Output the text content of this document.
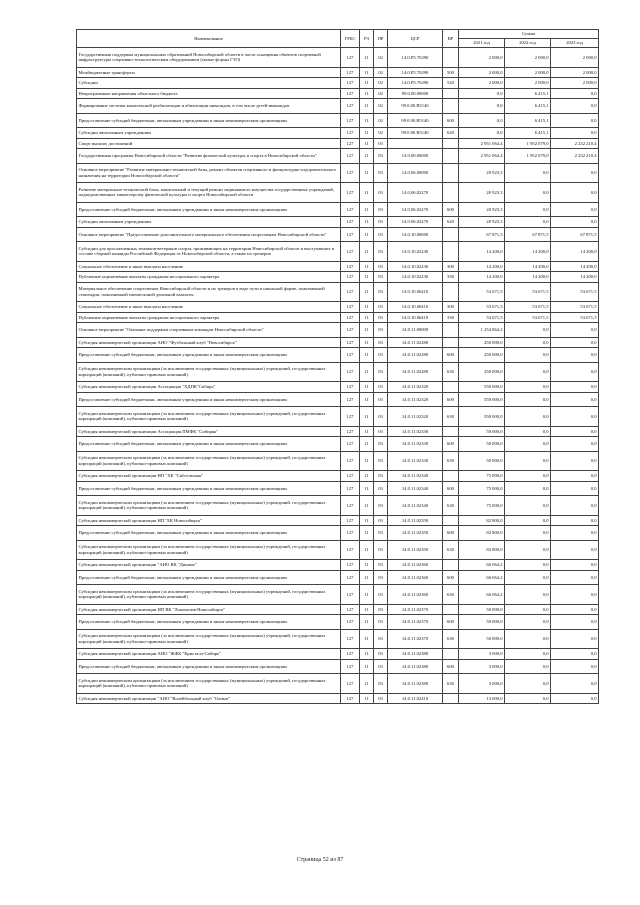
Наименование	ГРБС	РЗ	ПР	ЦСР	ВР	Сумма		
						2021 год	2022 год	2023 год
Государственная поддержка муниципальных образований Новосибирской области в части оснащения объектов спортивной инфраструктуры спортивно-технологическим оборудованием (малые формы ГТО)	127	11	02	14.0.P5.70290		2 000,0	2 000,0	2 000,0
Межбюджетные трансферты	127	11	02	14.0.P5.70290	500	2 000,0	2 000,0	2 000,0
Субсидии	127	11	02	14.0.P5.70290	520	2 000,0	2 000,0	2 000,0
Непрограммные направления областного бюджета	127	11	02	99.0.00.00000		0,0	6 415,1	0,0
Формирование системы комплексной реабилитации и абилитации инвалидов, в том числе детей-инвалидов	127	11	02	99.0.00.R5140		0,0	6 415,1	0,0
Предоставление субсидий бюджетным, автономным учреждениям и иным некоммерческим организациям	127	11	02	99.0.00.R5140	600	0,0	6 415,1	0,0
Субсидии автономным учреждениям	127	11	02	99.0.00.R5140	620	0,0	6 415,1	0,0
Спорт высших достижений	127	11	03			2 951 064,4	1 952 079,0	2 232 210,4
Государственная программа Новосибирской области "Развитие физической культуры и спорта в Новосибирской области"	127	11	03	14.0.00.00000		2 951 064,4	1 952 079,0	2 232 210,4
Основное мероприятие "Развитие материально-технической базы, ремонт объектов спортивного и физкультурно-оздоровительного назначения на территории Новосибирской области"	127	11	03	14.0.06.00000		20 923,3	0,0	0,0
Развитие материально-технической базы, капитальный и текущий ремонт недвижимого имущества государственных учреждений, подведомственных министерству физической культуры и спорта Новосибирской области	127	11	03	14.0.06.02270		20 923,3	0,0	0,0
Предоставление субсидий бюджетным, автономным учреждениям и иным некоммерческим организациям	127	11	03	14.0.06.02270	600	20 923,3	0,0	0,0
Субсидии автономным учреждениям	127	11	03	14.0.06.02270	620	20 923,3	0,0	0,0
Основное мероприятие "Предоставление дополнительного материального обеспечения спортсменам Новосибирской области"	127	11	03	14.0.10.00000		67 871,5	67 871,5	67 871,5
Субсидии для прославленных земляков-ветеранов спорта, проживающих на территории Новосибирской области и выступавших в составе сборной команды Российской Федерации от Новосибирской области, а также их тренеров	127	11	03	14.0.10.02230		14 200,0	14 200,0	14 200,0
Социальное обеспечение и иные выплаты населению	127	11	03	14.0.10.02230	300	14 200,0	14 200,0	14 200,0
Публичные нормативные выплаты гражданам несоциального характера	127	11	03	14.0.10.02230	330	14 200,0	14 200,0	14 200,0
Материальное обеспечение спортсменов Новосибирской области и их тренеров в виде пути в школьной форме, пожизненной стипендии, пожизненной ежемесячной денежной выплаты	127	11	03	14.0.10.06410		53 671,5	53 671,5	53 671,5
Социальное обеспечение и иные выплаты населению	127	11	03	14.0.10.06410	300	53 671,5	53 671,5	53 671,5
Публичные нормативные выплаты гражданам несоциального характера	127	11	03	14.0.10.06410	330	53 671,5	53 671,5	53 671,5
Основное мероприятие "Оказание поддержки спортивным командам Новосибирской области"	127	11	03	14.0.11.00000		1 254 864,2	0,0	0,0
Субсидия некоммерческой организации АНО "Футбольный клуб "Новосибирск"	127	11	03	14.0.11.02280		250 000,0	0,0	0,0
Предоставление субсидий бюджетным, автономным учреждениям и иным некоммерческим организациям	127	11	03	14.0.11.02280	600	250 000,0	0,0	0,0
Субсидии некоммерческим организациям (за исключением государственных (муниципальных) учреждений, государственных корпораций (компаний), публично-правовых компаний)	127	11	03	14.0.11.02280	630	250 000,0	0,0	0,0
Субсидия некоммерческой организации Ассоциация "ХДПК"Сибирь"	127	11	03	14.0.11.02320		550 000,0	0,0	0,0
Предоставление субсидий бюджетным, автономным учреждениям и иным некоммерческим организациям	127	11	03	14.0.11.02320	600	550 000,0	0,0	0,0
Субсидии некоммерческим организациям (за исключением государственных (муниципальных) учреждений, государственных корпораций (компаний), публично-правовых компаний)	127	11	03	14.0.11.02320	630	550 000,0	0,0	0,0
Субсидия некоммерческой организации Ассоциация ПМФК "Сибиряк"	127	11	03	14.0.11.02330		50 000,0	0,0	0,0
Предоставление субсидий бюджетным, автономным учреждениям и иным некоммерческим организациям	127	11	03	14.0.11.02330	600	50 000,0	0,0	0,0
Субсидии некоммерческим организациям (за исключением государственных (муниципальных) учреждений, государственных корпораций (компаний), публично-правовых компаний)	127	11	03	14.0.11.02330	630	50 000,0	0,0	0,0
Субсидия некоммерческой организации НП "ХК "Сибсельмаш"	127	11	03	14.0.11.02340		75 000,0	0,0	0,0
Предоставление субсидий бюджетным, автономным учреждениям и иным некоммерческим организациям	127	11	03	14.0.11.02340	600	75 000,0	0,0	0,0
Субсидии некоммерческим организациям (за исключением государственных (муниципальных) учреждений, государственных корпораций (компаний), публично-правовых компаний)	127	11	03	14.0.11.02340	630	75 000,0	0,0	0,0
Субсидия некоммерческой организации НП "БК Новосибирск"	127	11	03	14.0.11.02350		82 800,0	0,0	0,0
Предоставление субсидий бюджетным, автономным учреждениям и иным некоммерческим организациям	127	11	03	14.0.11.02350	600	82 800,0	0,0	0,0
Субсидии некоммерческим организациям (за исключением государственных (муниципальных) учреждений, государственных корпораций (компаний), публично-правовых компаний)	127	11	03	14.0.11.02350	630	82 800,0	0,0	0,0
Субсидия некоммерческой организации "АНО ВК "Динамо"	127	11	03	14.0.11.02360		66 064,2	0,0	0,0
Предоставление субсидий бюджетным, автономным учреждениям и иным некоммерческим организациям	127	11	03	14.0.11.02360	600	66 064,2	0,0	0,0
Субсидии некоммерческим организациям (за исключением государственных (муниципальных) учреждений, государственных корпораций (компаний), публично-правовых компаний)	127	11	03	14.0.11.02360	630	66 064,2	0,0	0,0
Субсидия некоммерческой организации НП ВК "Локомотив-Новосибирск"	127	11	03	14.0.11.02370		50 000,0	0,0	0,0
Предоставление субсидий бюджетным, автономным учреждениям и иным некоммерческим организациям	127	11	03	14.0.11.02370	600	50 000,0	0,0	0,0
Субсидии некоммерческим организациям (за исключением государственных (муниципальных) учреждений, государственных корпораций (компаний), публично-правовых компаний)	127	11	03	14.0.11.02370	630	50 000,0	0,0	0,0
Субсидия некоммерческой организации АНО "ЖФК "Кристалл-Сибирь"	127	11	03	14.0.11.02380		3 000,0	0,0	0,0
Предоставление субсидий бюджетным, автономным учреждениям и иным некоммерческим организациям	127	11	03	14.0.11.02380	600	3 000,0	0,0	0,0
Субсидии некоммерческим организациям (за исключением государственных (муниципальных) учреждений, государственных корпораций (компаний), публично-правовых компаний)	127	11	03	14.0.11.02380	630	3 000,0	0,0	0,0
Субсидия некоммерческой организации "АНО "Волейбольный клуб "Олимп"	127	11	03	14.0.11.02410		13 000,0	0,0	0,0
Страница 52 из 87
